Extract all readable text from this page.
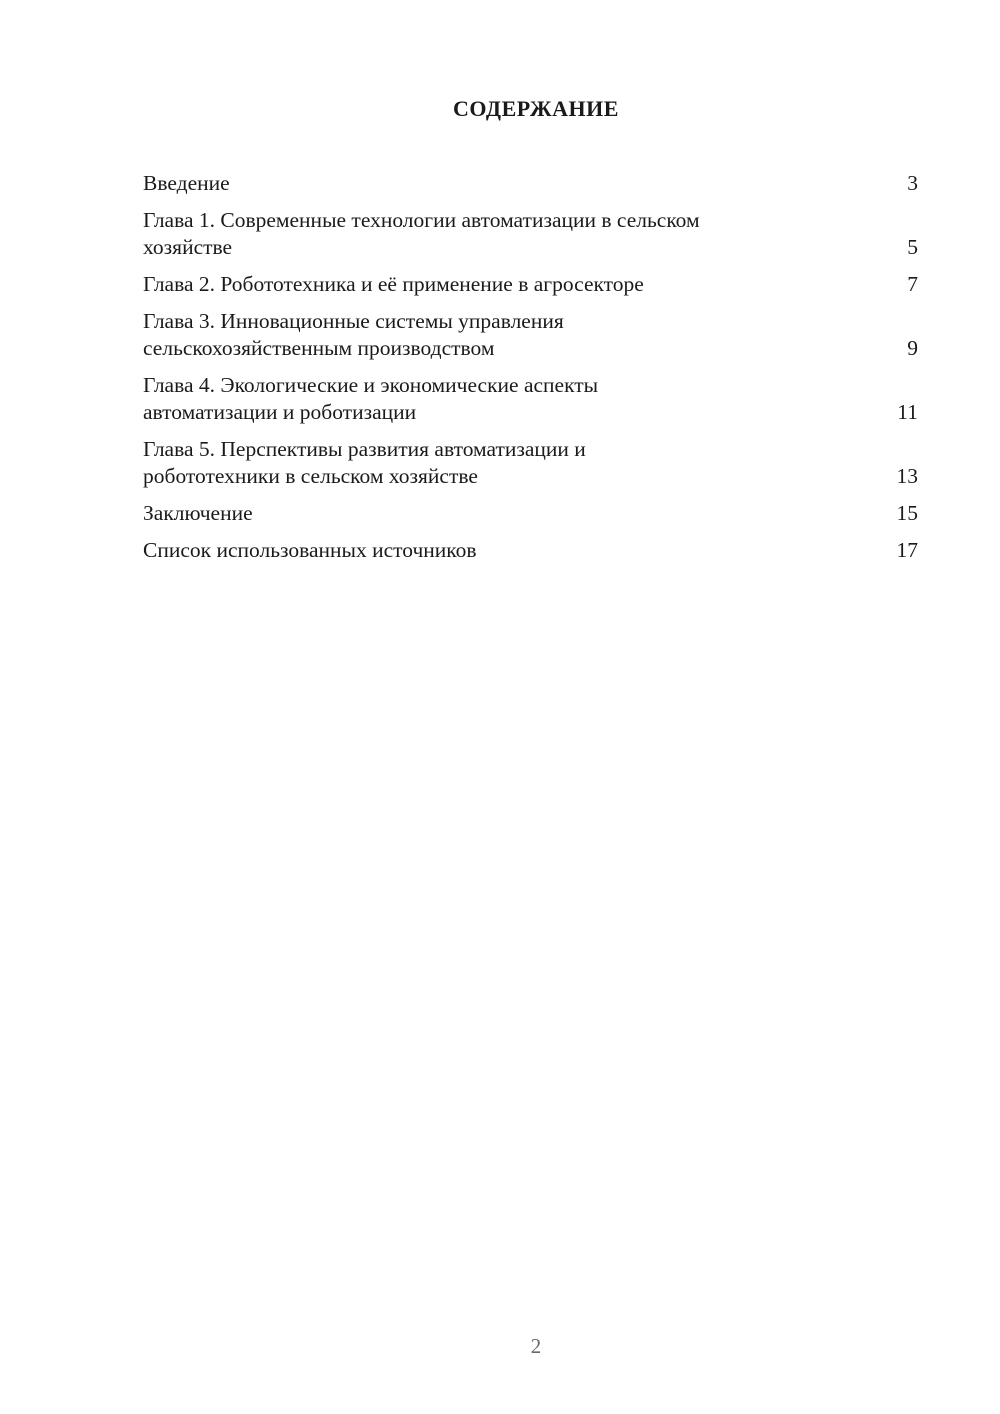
СОДЕРЖАНИЕ
Введение	3
Глава 1. Современные технологии автоматизации в сельском
хозяйстве	5
Глава 2. Робототехника и её применение в агросекторе	7
Глава 3. Инновационные системы управления
сельскохозяйственным производством	9
Глава 4. Экологические и экономические аспекты
автоматизации и роботизации	11
Глава 5. Перспективы развития автоматизации и
робототехники в сельском хозяйстве	13
Заключение	15
Список использованных источников	17
2
